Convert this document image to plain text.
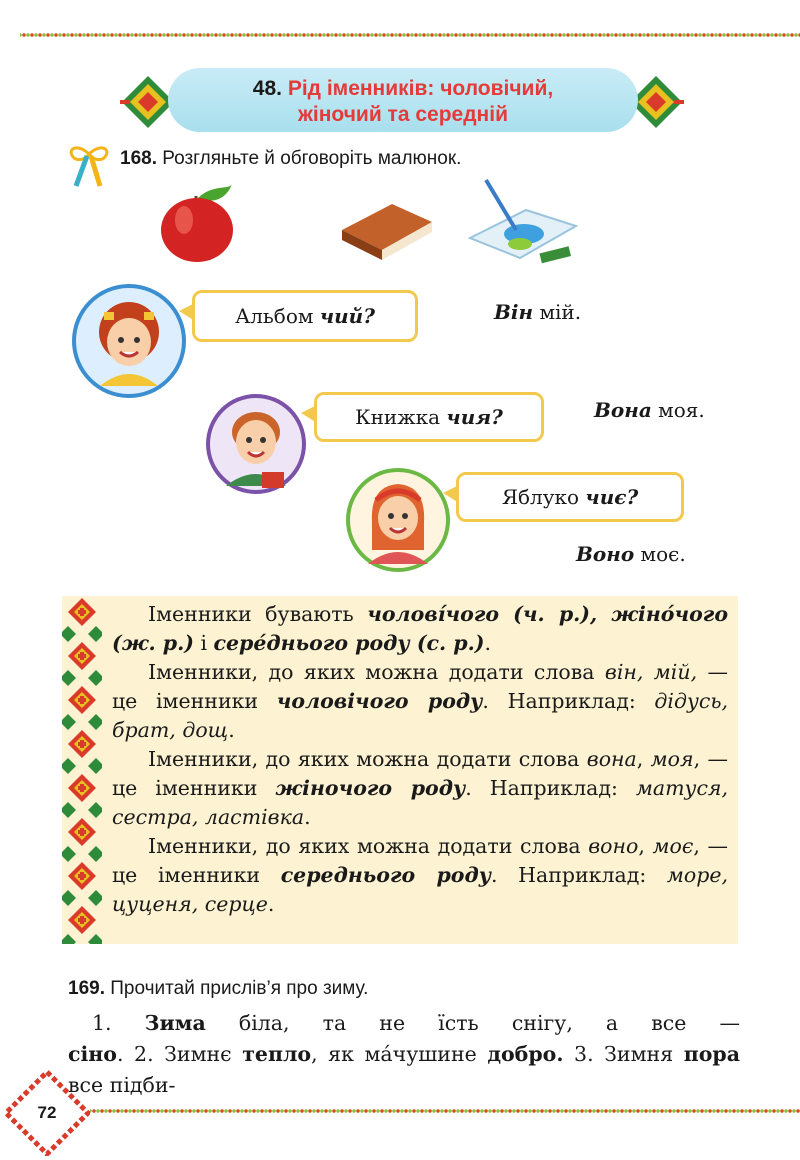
48. Рід іменників: чоловічий,
жіночий та середній
168. Розгляньте й обговоріть малюнок.
Альбом чий?	Він мій.
Книжка чия?	Вона моя.
Яблуко чиє?
Воно моє.

Іменники бувають чолові́чого (ч. р.), жіно́чого (ж. р.) і сере́днього роду (с. р.).

Іменники, до яких можна додати слова він, мій, — це іменники чоловічого роду. Наприклад: дідусь, брат, дощ.

Іменники, до яких можна додати слова вона, моя, — це іменники жіночого роду. Наприклад: матуся, сестра, ластівка.

Іменники, до яких можна додати слова воно, моє, — це іменники середнього роду. Наприклад: море, цуценя, серце.

169. Прочитай прислів’я про зиму.
1. Зима біла, та не їсть снігу, а все — сіно. 2. Зимнє тепло, як ма́чушине добро. 3. Зимня пора все підби-
72
